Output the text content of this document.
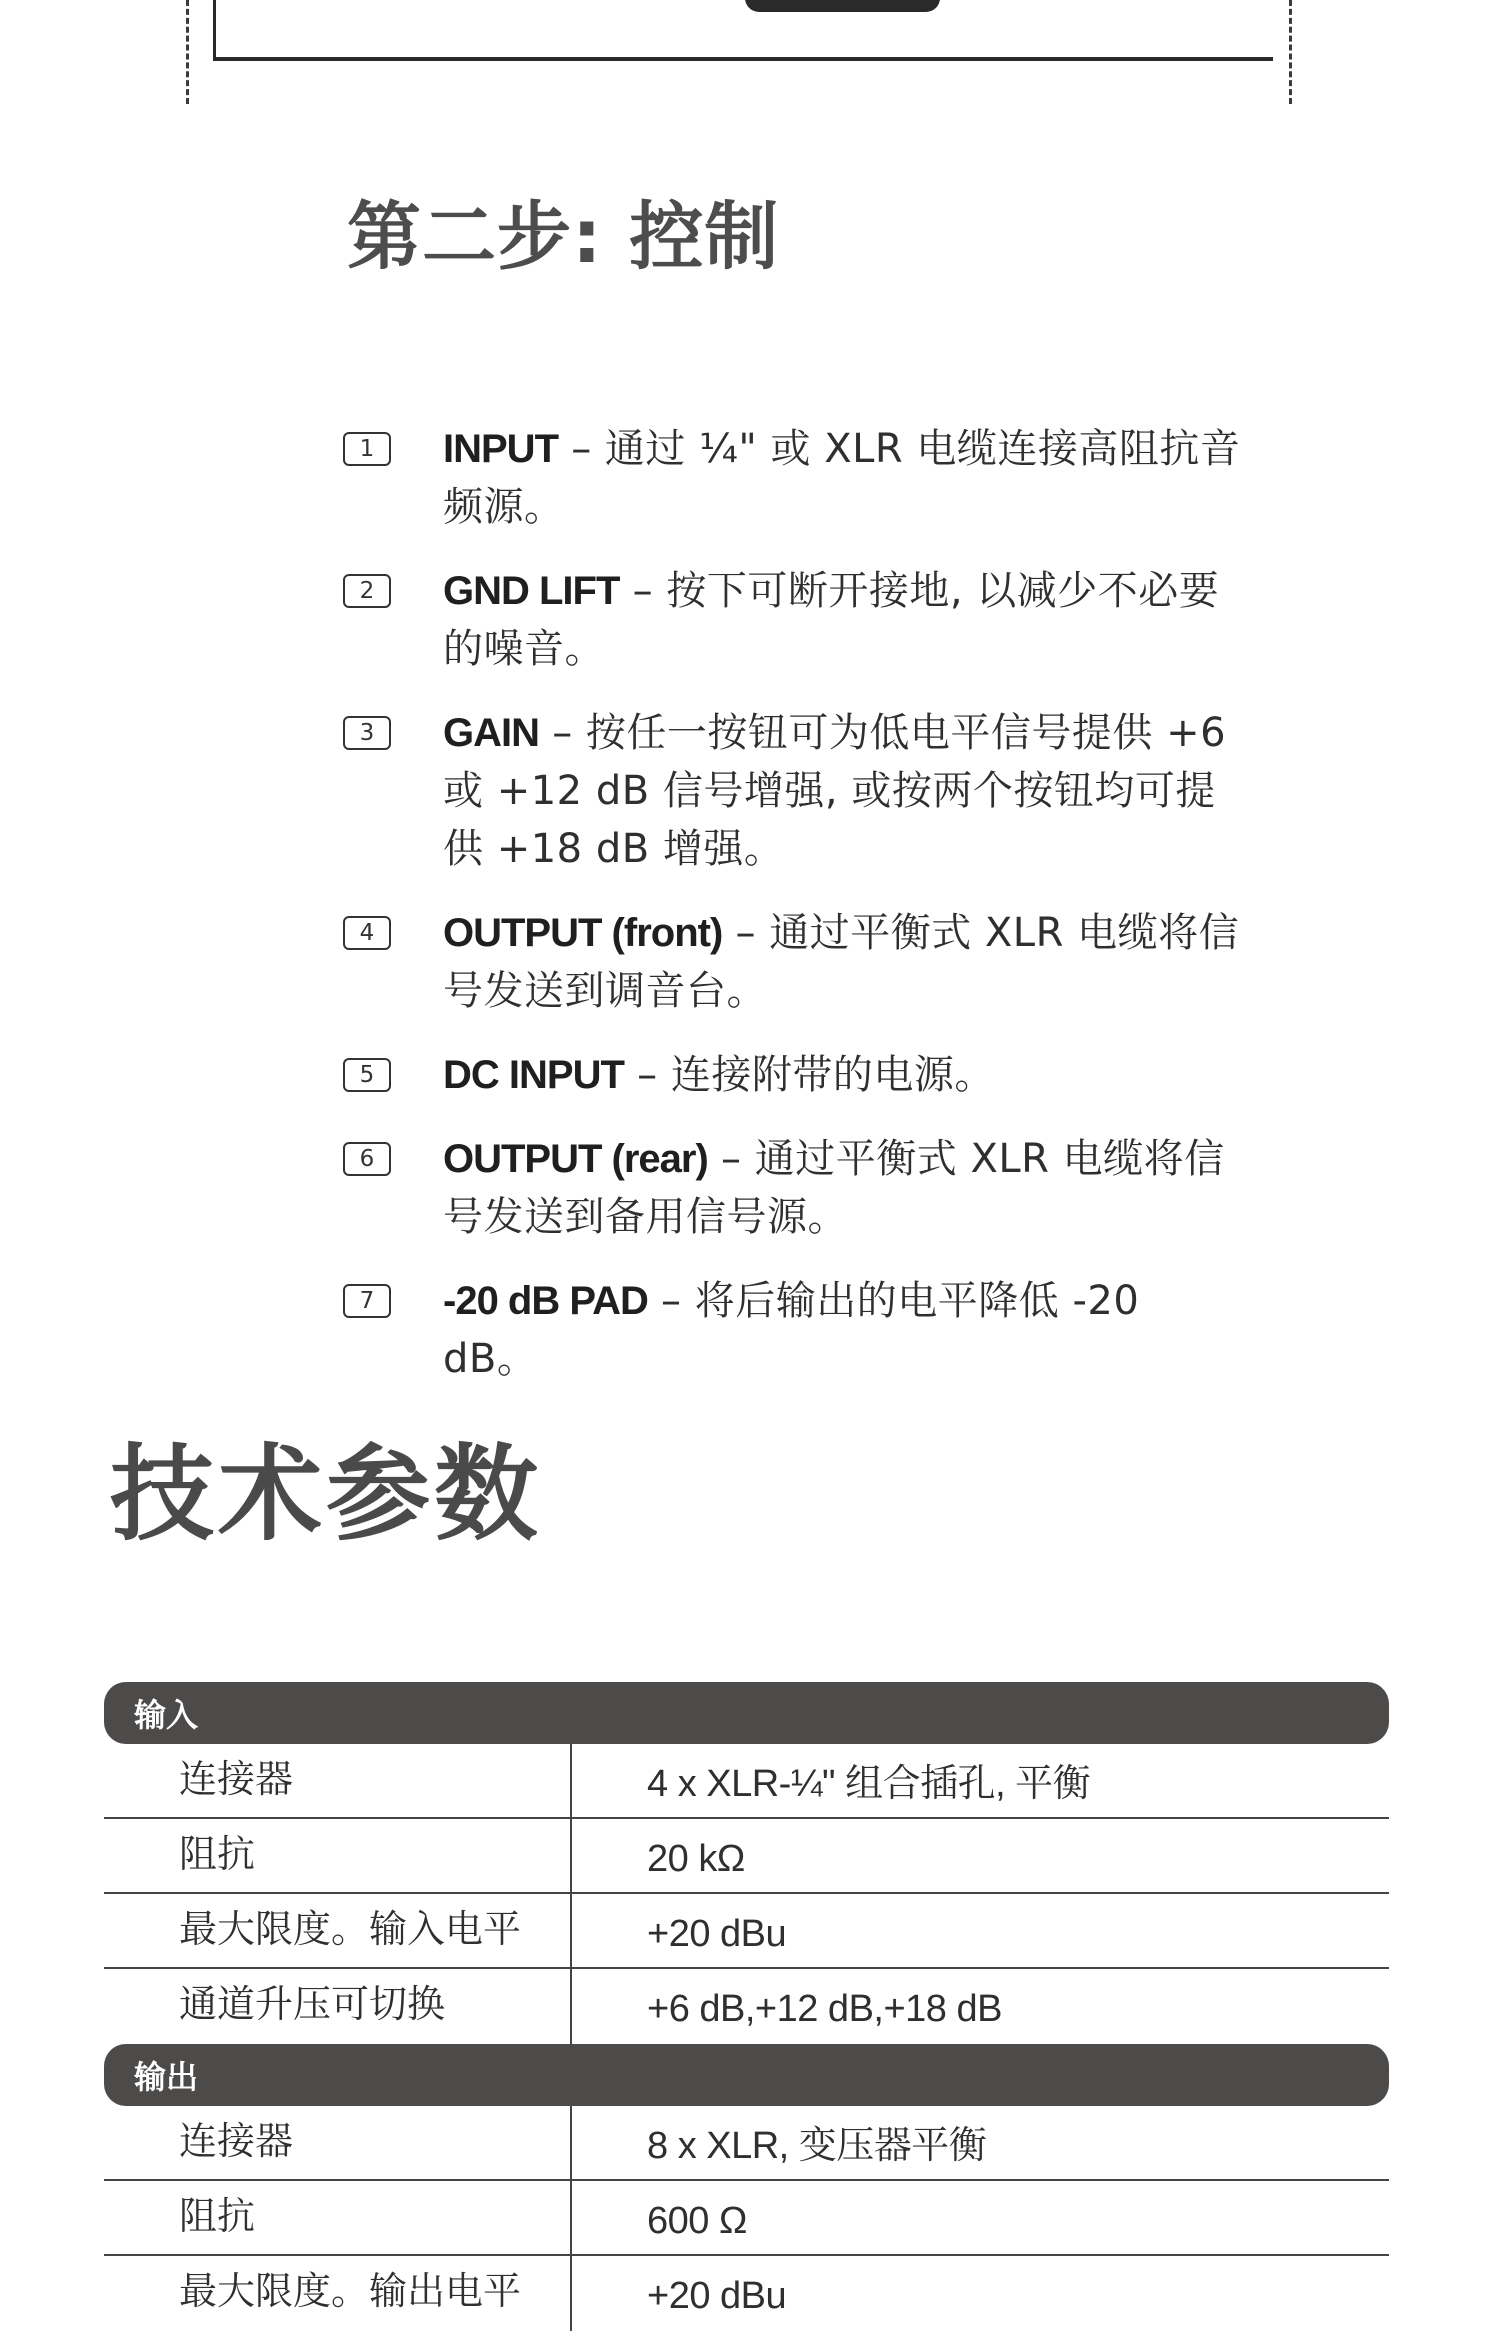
第二步: 控制
1	INPUT – 通过 ¼" 或 XLR 电缆连接高阻抗音频源。
2	GND LIFT – 按下可断开接地, 以减少不必要的噪音。
3	GAIN – 按任一按钮可为低电平信号提供 +6 或 +12 dB 信号增强, 或按两个按钮均可提供 +18 dB 增强。
4	OUTPUT (front) – 通过平衡式 XLR 电缆将信号发送到调音台。
5	DC INPUT – 连接附带的电源。
6	OUTPUT (rear) – 通过平衡式 XLR 电缆将信号发送到备用信号源。
7	-20 dB PAD – 将后输出的电平降低 -20 dB。
技术参数
输入
连接器	4 x XLR-¼" 组合插孔, 平衡
阻抗	20 kΩ
最大限度。输入电平	+20 dBu
通道升压可切换	+6 dB,+12 dB,+18 dB
输出
连接器	8 x XLR, 变压器平衡
阻抗	600 Ω
最大限度。输出电平	+20 dBu
